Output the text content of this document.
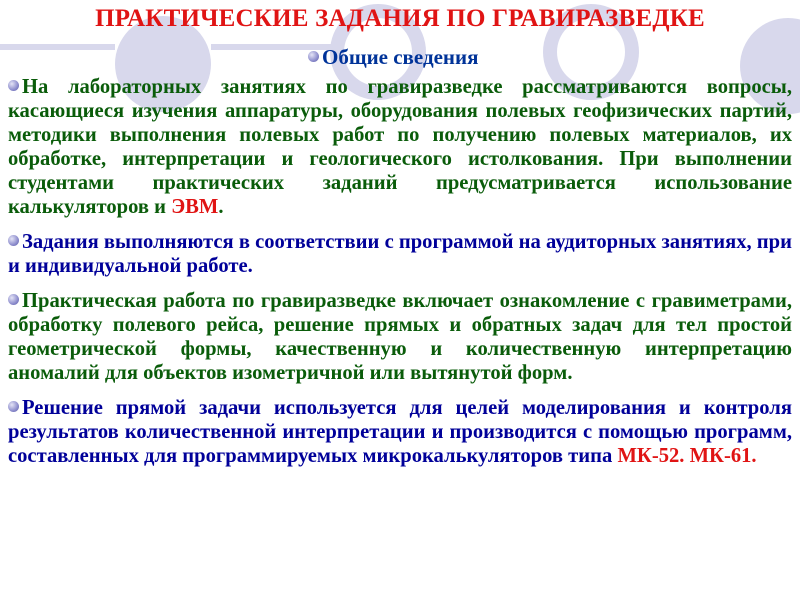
ПРАКТИЧЕСКИЕ ЗАДАНИЯ ПО ГРАВИРАЗВЕДКЕ
Общие сведения

На лабораторных занятиях по гравиразведке рассматриваются вопросы, касающиеся изучения аппаратуры, оборудования полевых геофизических партий, методики выполнения полевых работ по получению полевых материалов, их обработке, интерпретации и геологического истолкования. При выполнении студентами практических заданий предусматривается использование калькуляторов и ЭВМ.

Задания выполняются в соответствии с программой на аудиторных занятиях, при и индивидуальной работе.

Практическая работа по гравиразведке включает ознакомление с гравиметрами, обработку полевого рейса, решение прямых и обратных задач для тел простой геометрической формы, качественную и количественную интерпретацию аномалий для объектов изометричной или вытянутой форм.

Решение прямой задачи используется для целей моделирования и контроля результатов количественной интерпретации и производится с помощью программ, составленных для программируемых микрокалькуляторов типа МК-52. МК-61.
